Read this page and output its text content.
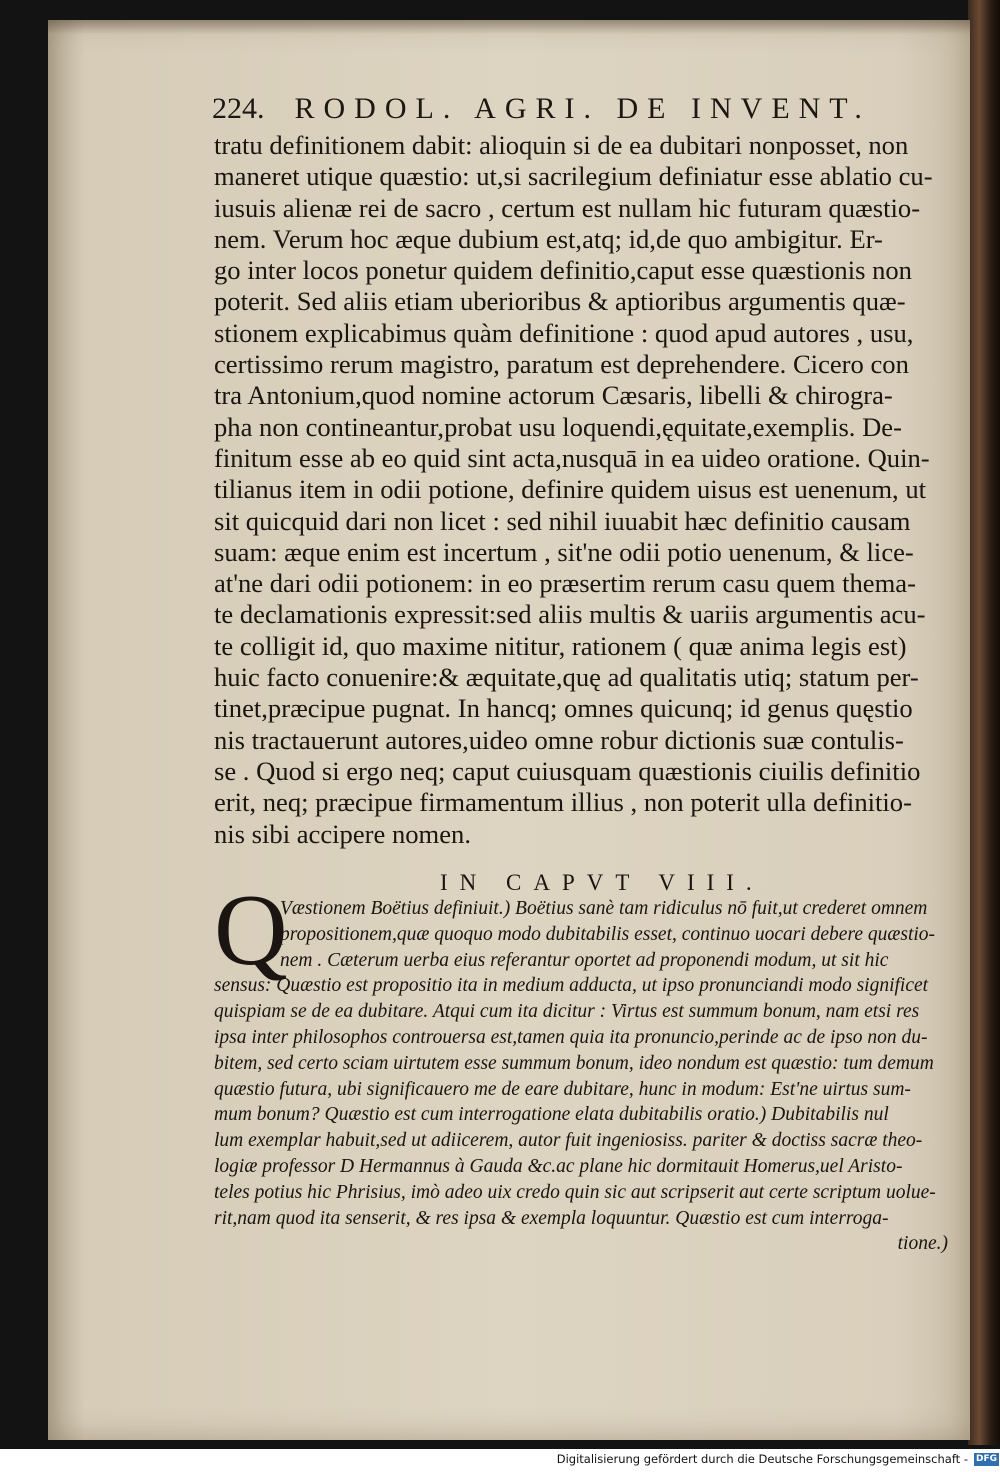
224. RODOL. AGRI. DE INVENT.
tratu definitionem dabit: alioquin si de ea dubitari nonposset, non
maneret utique quæstio: ut,si sacrilegium definiatur esse ablatio cu-
iusuis alienæ rei de sacro , certum est nullam hic futuram quæstio-
nem. Verum hoc æque dubium est,atq; id,de quo ambigitur. Er-
go inter locos ponetur quidem definitio,caput esse quæstionis non
poterit. Sed aliis etiam uberioribus & aptioribus argumentis quæ-
stionem explicabimus quàm definitione : quod apud autores , usu,
certissimo rerum magistro, paratum est deprehendere. Cicero con
tra Antonium,quod nomine actorum Cæsaris, libelli & chirogra-
pha non contineantur,probat usu loquendi,ęquitate,exemplis. De-
finitum esse ab eo quid sint acta,nusquā in ea uideo oratione. Quin-
tilianus item in odii potione, definire quidem uisus est uenenum, ut
sit quicquid dari non licet : sed nihil iuuabit hæc definitio causam
suam: æque enim est incertum , sit'ne odii potio uenenum, & lice-
at'ne dari odii potionem: in eo præsertim rerum casu quem thema-
te declamationis expressit:sed aliis multis & uariis argumentis acu-
te colligit id, quo maxime nititur, rationem ( quæ anima legis est)
huic facto conuenire:& æquitate,quę ad qualitatis utiq; statum per-
tinet,præcipue pugnat. In hancq; omnes quicunq; id genus quęstio
nis tractauerunt autores,uideo omne robur dictionis suæ contulis-
se . Quod si ergo neq; caput cuiusquam quæstionis ciuilis definitio
erit, neq; præcipue firmamentum illius , non poterit ulla definitio-
nis sibi accipere nomen.
IN CAPVT VIII.
Q
Væstionem Boëtius definiuit.) Boëtius sanè tam ridiculus nō fuit,ut crederet omnem
propositionem,quæ quoquo modo dubitabilis esset, continuo uocari debere quæstio-
nem . Cæterum uerba eius referantur oportet ad proponendi modum, ut sit hic
sensus: Quæstio est propositio ita in medium adducta, ut ipso pronunciandi modo significet
quispiam se de ea dubitare. Atqui cum ita dicitur : Virtus est summum bonum, nam etsi res
ipsa inter philosophos controuersa est,tamen quia ita pronuncio,perinde ac de ipso non du-
bitem, sed certo sciam uirtutem esse summum bonum, ideo nondum est quæstio: tum demum
quæstio futura, ubi significauero me de eare dubitare, hunc in modum: Est'ne uirtus sum-
mum bonum? Quæstio est cum interrogatione elata dubitabilis oratio.) Dubitabilis nul
lum exemplar habuit,sed ut adiicerem, autor fuit ingeniosiss. pariter & doctiss sacræ theo-
logiæ professor D Hermannus à Gauda &c.ac plane hic dormitauit Homerus,uel Aristo-
teles potius hic Phrisius, imò adeo uix credo quin sic aut scripserit aut certe scriptum uolue-
rit,nam quod ita senserit, & res ipsa & exempla loquuntur. Quæstio est cum interroga-
tione.)
Digitalisierung gefördert durch die Deutsche Forschungsgemeinschaft - DFG
